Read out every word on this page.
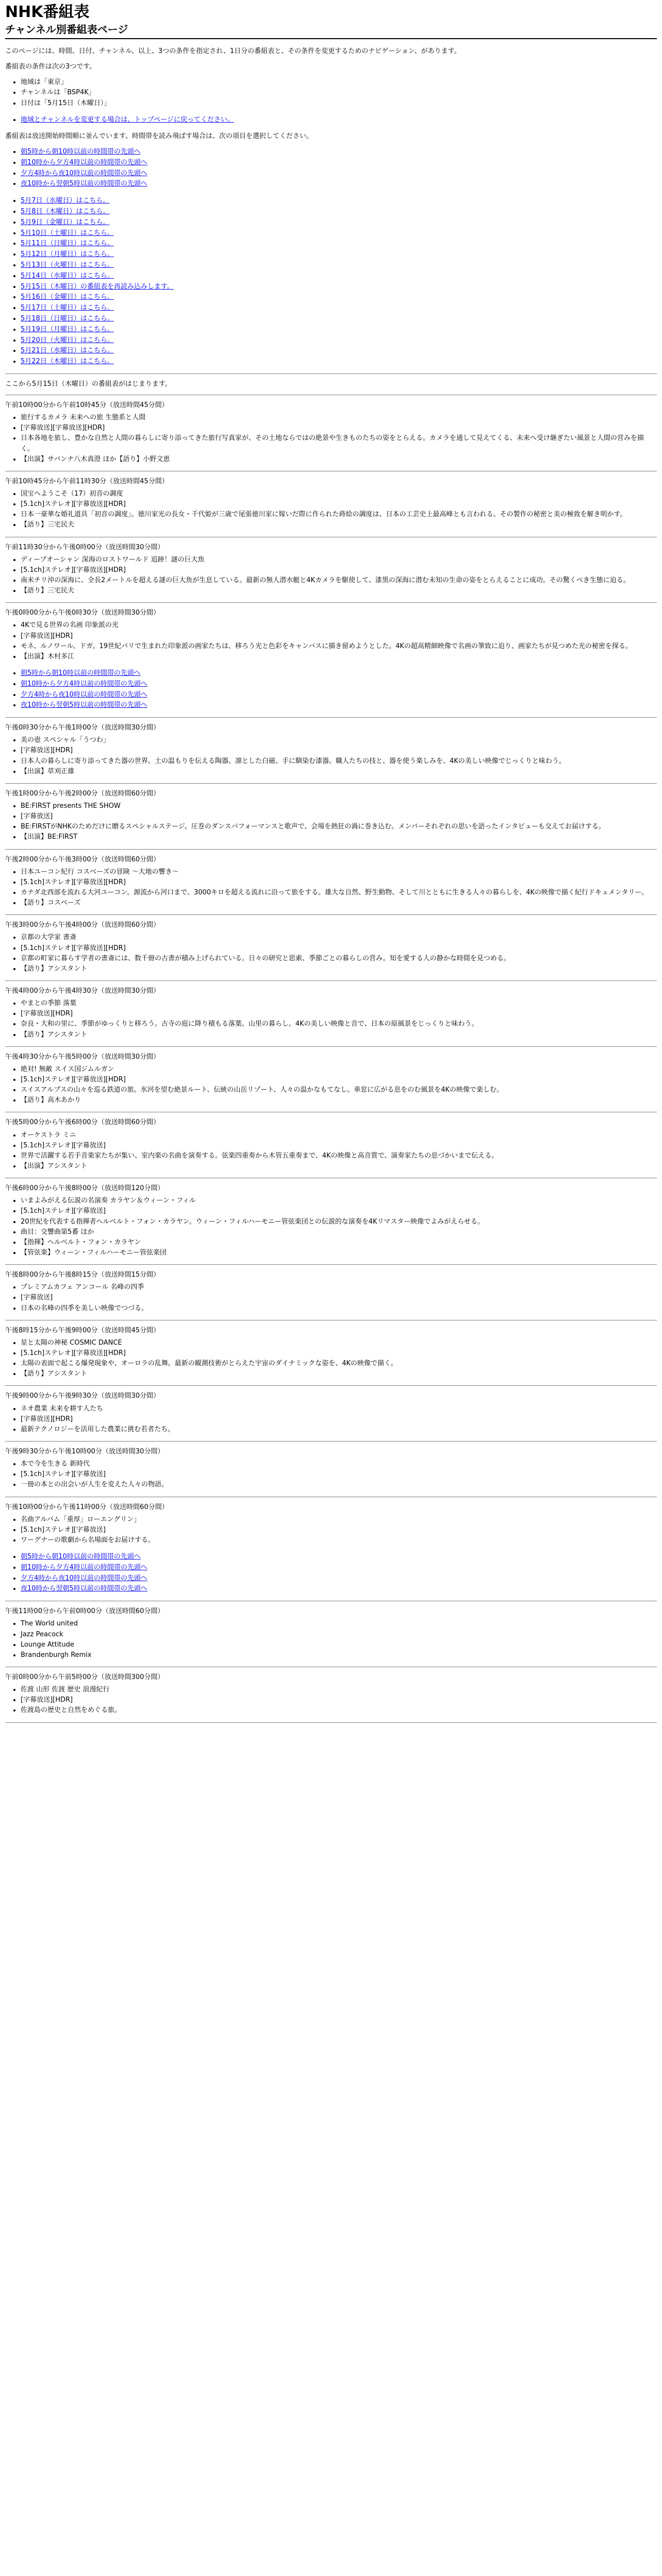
NHK番組表
チャンネル別番組表ページ

このページには、時間、日付、チャンネル、以上、3つの条件を指定され、1日分の番組表と、その条件を変更するためのナビゲーション、があります。

番組表の条件は次の3つです。

• 地域は「東京」
• チャンネルは「BSP4K」
• 日付は「5月15日（木曜日）」
• 地域とチャンネルを変更する場合は、トップページに戻ってください。

番組表は放送開始時間順に並んでいます。時間帯を読み飛ばす場合は、次の項目を選択してください。

• 朝5時から朝10時以前の時間帯の先頭へ
• 朝10時から夕方4時以前の時間帯の先頭へ
• 夕方4時から夜10時以前の時間帯の先頭へ
• 夜10時から翌朝5時以前の時間帯の先頭へ
• 5月7日（水曜日）はこちら。
• 5月8日（木曜日）はこちら。
• 5月9日（金曜日）はこちら。
• 5月10日（土曜日）はこちら。
• 5月11日（日曜日）はこちら。
• 5月12日（月曜日）はこちら。
• 5月13日（火曜日）はこちら。
• 5月14日（水曜日）はこちら。
• 5月15日（木曜日）の番組表を再読み込みします。
• 5月16日（金曜日）はこちら。
• 5月17日（土曜日）はこちら。
• 5月18日（日曜日）はこちら。
• 5月19日（月曜日）はこちら。
• 5月20日（火曜日）はこちら。
• 5月21日（水曜日）はこちら。
• 5月22日（木曜日）はこちら。

ここから5月15日（木曜日）の番組表がはじまります。

午前10時00分から午前10時45分（放送時間45分間）

• 旅行するカメラ 未来への旅 生態系と人間
• [字幕放送][字幕放送][HDR]
• 日本各地を旅し、豊かな自然と人間の暮らしに寄り添ってきた旅行写真家が、その土地ならではの絶景や生きものたちの姿をとらえる。カメラを通して見えてくる、未来へ受け継ぎたい風景と人間の営みを描く。
• 【出演】サバンナ八木真澄 ほか【語り】小野文恵

午前10時45分から午前11時30分（放送時間45分間）

• 国宝へようこそ（17）初音の調度
• [5.1ch]ステレオ][字幕放送][HDR]
• 日本一豪華な婚礼道具「初音の調度」。徳川家光の長女・千代姫が三歳で尾張徳川家に嫁いだ際に作られた蒔絵の調度は、日本の工芸史上最高峰とも言われる。その製作の秘密と美の極致を解き明かす。
• 【語り】三宅民夫

午前11時30分から午後0時00分（放送時間30分間）

• ディープオーシャン 深海のロストワールド 追跡！謎の巨大魚
• [5.1ch]ステレオ][字幕放送][HDR]
• 南米チリ沖の深海に、全長2メートルを超える謎の巨大魚が生息している。最新の無人潜水艇と4Kカメラを駆使して、漆黒の深海に潜む未知の生命の姿をとらえることに成功。その驚くべき生態に迫る。
• 【語り】三宅民夫

午後0時00分から午後0時30分（放送時間30分間）

• 4Kで見る世界の名画 印象派の光
• [字幕放送][HDR]
• モネ、ルノワール、ドガ。19世紀パリで生まれた印象派の画家たちは、移ろう光と色彩をキャンバスに描き留めようとした。4Kの超高精細映像で名画の筆致に迫り、画家たちが見つめた光の秘密を探る。
• 【出演】木村多江
• 朝5時から朝10時以前の時間帯の先頭へ
• 朝10時から夕方4時以前の時間帯の先頭へ
• 夕方4時から夜10時以前の時間帯の先頭へ
• 夜10時から翌朝5時以前の時間帯の先頭へ

午後0時30分から午後1時00分（放送時間30分間）

• 美の壺 スペシャル「うつわ」
• [字幕放送][HDR]
• 日本人の暮らしに寄り添ってきた器の世界。土の温もりを伝える陶器、凛とした白磁、手に馴染む漆器。職人たちの技と、器を使う楽しみを、4Kの美しい映像でじっくりと味わう。
• 【出演】草刈正雄

午後1時00分から午後2時00分（放送時間60分間）

• BE:FIRST presents THE SHOW
• [字幕放送]
• BE:FIRSTがNHKのためだけに贈るスペシャルステージ。圧巻のダンスパフォーマンスと歌声で、会場を熱狂の渦に巻き込む。メンバーそれぞれの思いを語ったインタビューも交えてお届けする。
• 【出演】BE:FIRST

午後2時00分から午後3時00分（放送時間60分間）

• 日本ユーコン紀行 コスベーズの冒険 〜大地の響き〜
• [5.1ch]ステレオ][字幕放送][HDR]
• カナダ北西部を流れる大河ユーコン。源流から河口まで、3000キロを超える流れに沿って旅をする。雄大な自然、野生動物、そして川とともに生きる人々の暮らしを、4Kの映像で描く紀行ドキュメンタリー。
• 【語り】コスベーズ

午後3時00分から午後4時00分（放送時間60分間）

• 京都の大学家 書斎
• [5.1ch]ステレオ][字幕放送][HDR]
• 京都の町家に暮らす学者の書斎には、数千冊の古書が積み上げられている。日々の研究と思索、季節ごとの暮らしの営み。知を愛する人の静かな時間を見つめる。
• 【語り】アシスタント

午後4時00分から午後4時30分（放送時間30分間）

• やまとの季節 落葉
• [字幕放送][HDR]
• 奈良・大和の里に、季節がゆっくりと移ろう。古寺の庭に降り積もる落葉、山里の暮らし。4Kの美しい映像と音で、日本の原風景をじっくりと味わう。
• 【語り】アシスタント

午後4時30分から午後5時00分（放送時間30分間）

• 絶対! 無敵 スイス国ジムルガン
• [5.1ch]ステレオ][字幕放送][HDR]
• スイスアルプスの山々を巡る鉄道の旅。氷河を望む絶景ルート、伝統の山岳リゾート、人々の温かなもてなし。車窓に広がる息をのむ風景を4Kの映像で楽しむ。
• 【語り】高木あかり

午後5時00分から午後6時00分（放送時間60分間）

• オーケストラ ミニ
• [5.1ch]ステレオ][字幕放送]
• 世界で活躍する若手音楽家たちが集い、室内楽の名曲を演奏する。弦楽四重奏から木管五重奏まで、4Kの映像と高音質で、演奏家たちの息づかいまで伝える。
• 【出演】アシスタント

午後6時00分から午後8時00分（放送時間120分間）

• いまよみがえる伝説の名演奏 カラヤン＆ウィーン・フィル
• [5.1ch]ステレオ][字幕放送]
• 20世紀を代表する指揮者ヘルベルト・フォン・カラヤン。ウィーン・フィルハーモニー管弦楽団との伝説的な演奏を4Kリマスター映像でよみがえらせる。
• 曲目：交響曲第5番 ほか
• 【指揮】ヘルベルト・フォン・カラヤン
• 【管弦楽】ウィーン・フィルハーモニー管弦楽団

午後8時00分から午後8時15分（放送時間15分間）

• プレミアムカフェ アンコール 名峰の四季
• [字幕放送]
• 日本の名峰の四季を美しい映像でつづる。

午後8時15分から午後9時00分（放送時間45分間）

• 星と太陽の神秘 COSMIC DANCE
• [5.1ch]ステレオ][字幕放送][HDR]
• 太陽の表面で起こる爆発現象や、オーロラの乱舞。最新の観測技術がとらえた宇宙のダイナミックな姿を、4Kの映像で描く。
• 【語り】アシスタント

午後9時00分から午後9時30分（放送時間30分間）

• ネオ農業 未来を耕す人たち
• [字幕放送][HDR]
• 最新テクノロジーを活用した農業に挑む若者たち。

午後9時30分から午後10時00分（放送時間30分間）

• 本で今を生きる 新時代
• [5.1ch]ステレオ][字幕放送]
• 一冊の本との出会いが人生を変えた人々の物語。

午後10時00分から午後11時00分（放送時間60分間）

• 名曲アルバム「重厚」ローエングリン」
• [5.1ch]ステレオ][字幕放送]
• ワーグナーの歌劇から名場面をお届けする。
• 朝5時から朝10時以前の時間帯の先頭へ
• 朝10時から夕方4時以前の時間帯の先頭へ
• 夕方4時から夜10時以前の時間帯の先頭へ
• 夜10時から翌朝5時以前の時間帯の先頭へ

午後11時00分から午前0時00分（放送時間60分間）

• The World united
• Jazz Peacock
• Lounge Attitude
• Brandenburgh Remix

午前0時00分から午前5時00分（放送時間300分間）

• 佐渡 山形 佐渡 歴史 浪漫紀行
• [字幕放送][HDR]
• 佐渡島の歴史と自然をめぐる旅。
